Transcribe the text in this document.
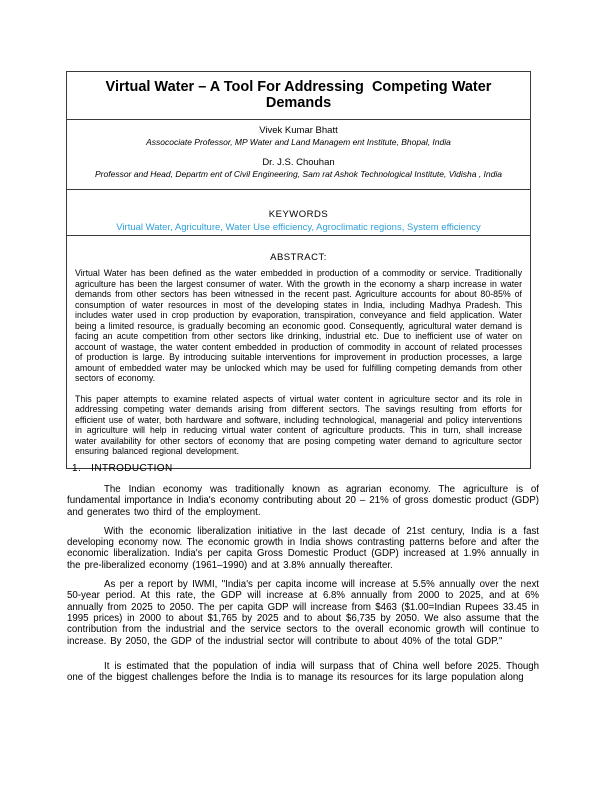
Virtual Water – A Tool For Addressing  Competing Water Demands
Vivek Kumar Bhatt
Assocociate Professor, MP Water and Land Managem ent Institute, Bhopal, India
Dr. J.S. Chouhan
Professor and Head, Departm ent of Civil Engineering, Sam rat Ashok Technological Institute, Vidisha , India
KEYWORDS
Virtual Water, Agriculture, Water Use efficiency, Agroclimatic regions, System efficiency
ABSTRACT:

Virtual Water has been defined as the water embedded in production of a commodity or service. Traditionally agriculture has been the largest consumer of water. With the growth in the economy a sharp increase in water demands from other sectors has been witnessed in the recent past. Agriculture accounts for about 80-85% of consumption of water resources in most of the developing states in India, including Madhya Pradesh. This includes water used in crop production by evaporation, transpiration, conveyance and field application. Water being a limited resource, is gradually becoming an economic good. Consequently, agricultural water demand is facing an acute competition from other sectors like drinking, industrial etc. Due to inefficient use of water on account of wastage, the water content embedded in production of commodity in account of related processes of production is large. By introducing suitable interventions for improvement in production processes, a large amount of embedded water may be unlocked which may be used for fulfilling competing demands from other sectors of economy.

This paper attempts to examine related aspects of virtual water content in agriculture sector and its role in addressing competing water demands arising from different sectors. The savings resulting from efforts for efficient use of water, both hardware and software, including technological, managerial and policy interventions in agriculture will help in reducing virtual water content of agriculture products. This in turn, shall increase water availability for other sectors of economy that are posing competing water demand to agriculture sector ensuring balanced regional development.

1. INTRODUCTION

The Indian economy was traditionally known as agrarian economy. The agriculture is of fundamental importance in India's economy contributing about 20 – 21% of gross domestic product (GDP) and generates two third of the employment.

With the economic liberalization initiative in the last decade of 21st century, India is a fast developing economy now. The economic growth in India shows contrasting patterns before and after the economic liberalization. India's per capita Gross Domestic Product (GDP) increased at 1.9% annually in the pre-liberalized economy (1961–1990) and at 3.8% annually thereafter.

As per a report by IWMI, "India's per capita income will increase at 5.5% annually over the next 50-year period. At this rate, the GDP will increase at 6.8% annually from 2000 to 2025, and at 6% annually from 2025 to 2050. The per capita GDP will increase from $463 ($1.00=Indian Rupees 33.45 in 1995 prices) in 2000 to about $1,765 by 2025 and to about $6,735 by 2050. We also assume that the contribution from the industrial and the service sectors to the overall economic growth will continue to increase. By 2050, the GDP of the industrial sector will contribute to about 40% of the total GDP."

It is estimated that the population of india will surpass that of China well before 2025. Though one of the biggest challenges before the India is to manage its resources for its large population along
